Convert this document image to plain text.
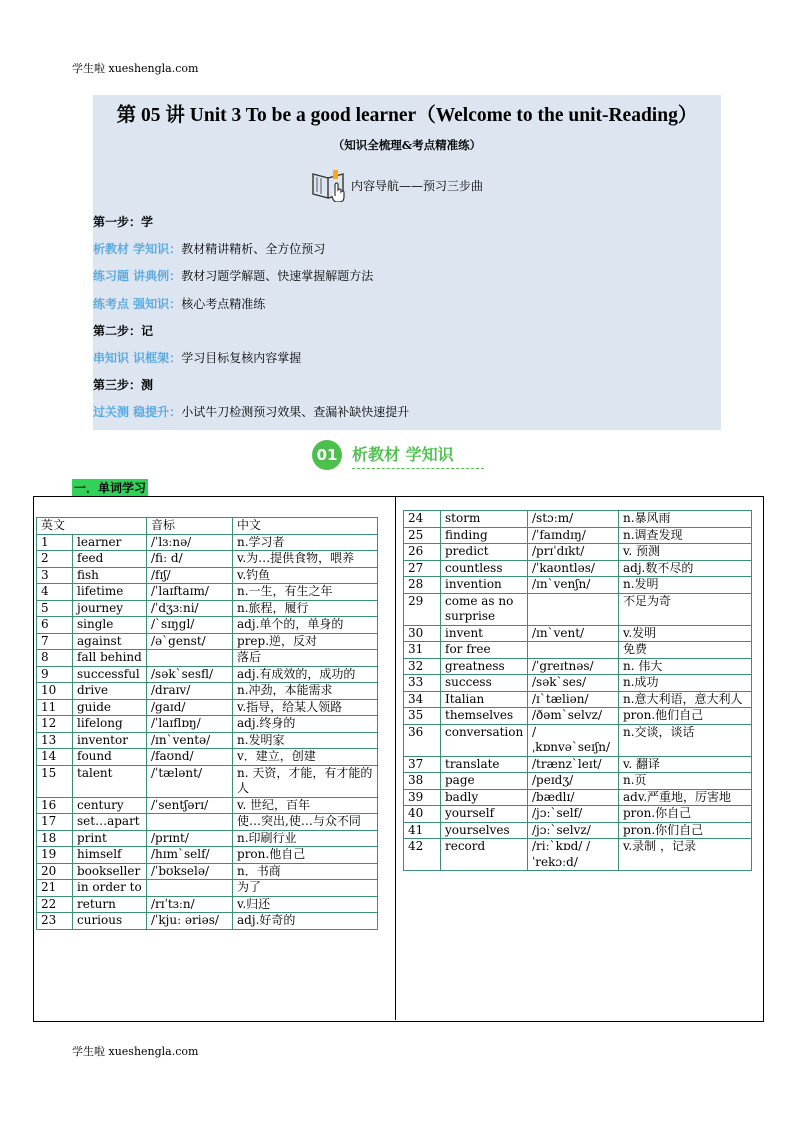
学生啦 xueshengla.com
第 05 讲 Unit 3 To be a good learner（Welcome to the unit-Reading）
（知识全梳理&考点精准练）
内容导航——预习三步曲
第一步：学
析教材 学知识：教材精讲精析、全方位预习
练习题 讲典例：教材习题学解题、快速掌握解题方法
练考点 强知识：核心考点精准练
第二步：记
串知识 识框架：学习目标复核内容掌握
第三步：测
过关测 稳提升：小试牛刀检测预习效果、查漏补缺快速提升
01 析教材 学知识
一．单词学习
英文		音标	中文
1	learner	/ˈlɜːnə/	n.学习者
2	feed	/fiː d/	v.为…提供食物，喂养
3	fish	/fɪʃ/	v.钓鱼
4	lifetime	/ˈlaɪftaɪm/	n.一生，有生之年
5	journey	/ˈdʒɜːni/	n.旅程，履行
6	single	/ˋsɪŋgl/	adj.单个的，单身的
7	against	/əˋgenst/	prep.逆，反对
8	fall behind		落后
9	successful	/səkˋsesfl/	adj.有成效的，成功的
10	drive	/draɪv/	n.冲劲，本能需求
11	guide	/gaɪd/	v.指导，给某人领路
12	lifelong	/ˈlaɪflɒŋ/	adj.终身的
13	inventor	/ɪnˋventə/	n.发明家
14	found	/faʊnd/	v．建立，创建
15	talent	/ˈtælənt/	n. 天资，才能，有才能的人
16	century	/ˈsentʃərɪ/	v. 世纪，百年
17	set…apart		使…突出,使…与众不同
18	print	/prɪnt/	n.印刷行业
19	himself	/hɪmˋself/	pron.他自己
20	bookseller	/ˈbʊkselə/	n．书商
21	in order to		为了
22	return	/rɪˈtɜːn/	v.归还
23	curious	/ˈkjuː əriəs/	adj.好奇的
24	storm	/stɔːm/	n.暴风雨
25	finding	/ˈfaɪndɪŋ/	n.调查发现
26	predict	/prɪˈdɪkt/	v. 预测
27	countless	/ˈkaʊntləs/	adj.数不尽的
28	invention	/ɪnˋvenʃn/	n.发明
29	come as no surprise		不足为奇
30	invent	/ɪnˋvent/	v.发明
31	for free		免费
32	greatness	/ˈgreɪtnəs/	n. 伟大
33	success	/səkˋses/	n.成功
34	Italian	/ɪˋtæliən/	n.意大利语，意大利人
35	themselves	/ðəmˋselvz/	pron.他们自己
36	conversation	/ˌkɒnvəˋseɪʃn/	n.交谈，谈话
37	translate	/trænzˋleɪt/	v. 翻译
38	page	/peɪdʒ/	n.页
39	badly	/bædlɪ/	adv.严重地，厉害地
40	yourself	/jɔːˋself/	pron.你自己
41	yourselves	/jɔːˋselvz/	pron.你们自己
42	record	/riːˋkɒd/ /ˈrekɔːd/	v.录制 ，记录
学生啦 xueshengla.com
